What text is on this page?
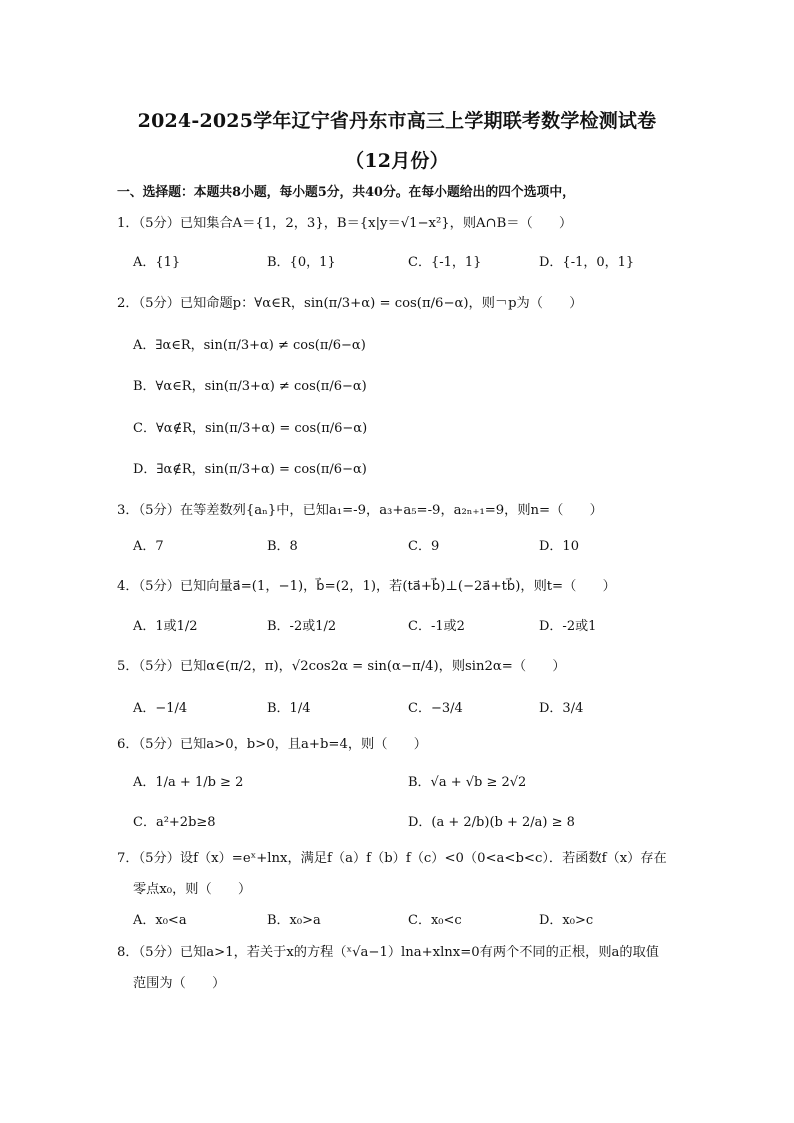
2024-2025学年辽宁省丹东市高三上学期联考数学检测试卷
（12月份）
一、选择题：本题共8小题，每小题5分，共40分。在每小题给出的四个选项中，
1．（5分）已知集合A＝{1，2，3}，B＝{x|y＝√1−x²}，则A∩B＝（　　）
A．{1}	B．{0，1}	C．{-1，1}	D．{-1，0，1}
2．（5分）已知命题p：∀α∈R，sin(π/3+α) = cos(π/6−α)，则￢p为（　　）
A．∃α∈R，sin(π/3+α) ≠ cos(π/6−α)
B．∀α∈R，sin(π/3+α) ≠ cos(π/6−α)
C．∀α∉R，sin(π/3+α) = cos(π/6−α)
D．∃α∉R，sin(π/3+α) = cos(π/6−α)
3．（5分）在等差数列{aₙ}中，已知a₁=-9，a₃+a₅=-9，a₂ₙ₊₁=9，则n=（　　）
A．7	B．8	C．9	D．10
4．（5分）已知向量a⃗=(1，−1)，b⃗=(2，1)，若(ta⃗+b⃗)⊥(−2a⃗+tb⃗)，则t=（　　）
A．1或1/2	B．-2或1/2	C．-1或2	D．-2或1
5．（5分）已知α∈(π/2，π)，√2cos2α = sin(α−π/4)，则sin2α=（　　）
A．−1/4	B．1/4	C．−3/4	D．3/4
6．（5分）已知a>0，b>0，且a+b=4，则（　　）
A．1/a + 1/b ≥ 2	B．√a + √b ≥ 2√2
C．a²+2b≥8	D．(a + 2/b)(b + 2/a) ≥ 8
7．（5分）设f（x）=eˣ+lnx，满足f（a）f（b）f（c）<0（0<a<b<c）．若函数f（x）存在
零点x₀，则（　　）
A．x₀<a	B．x₀>a	C．x₀<c	D．x₀>c
8．（5分）已知a>1，若关于x的方程（ˣ√a−1）lna+xlnx=0有两个不同的正根，则a的取值
范围为（　　）
